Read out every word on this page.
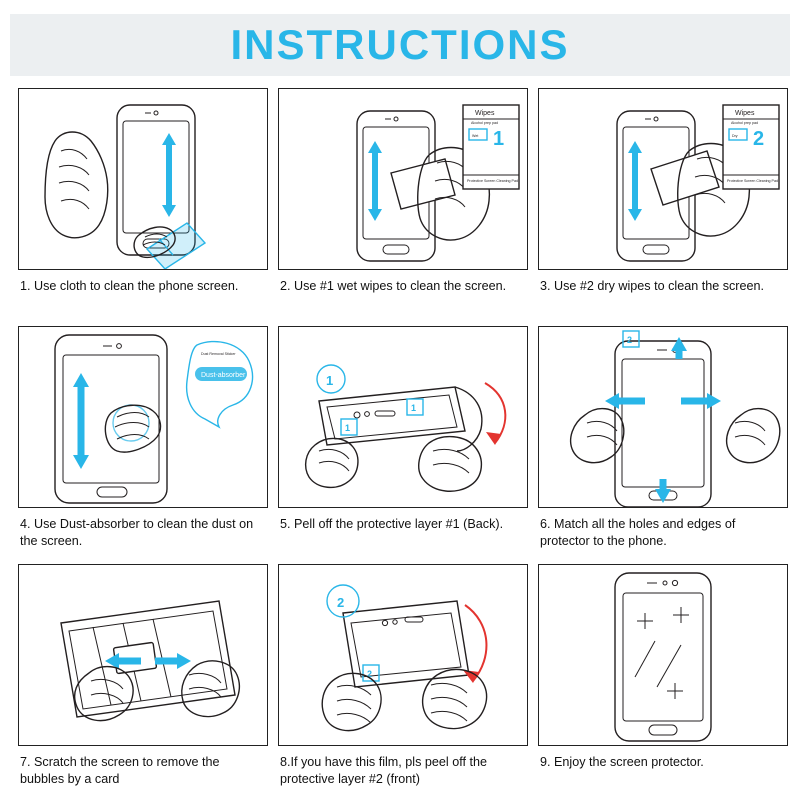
INSTRUCTIONS
1. Use cloth to clean the phone screen.
Wipes
Alcohol prep pad
Wet 1
Protective Screen Cleaning Pad
2. Use #1 wet wipes to clean the screen.
Wipes
Alcohol prep pad
Dry 2
Protective Screen Cleaning Pad
3. Use #2 dry wipes to clean the screen.
Dust Removal Sticker
Dust-absorber
4. Use Dust-absorber to clean the dust on the screen.
1
1
1
5. Pell off the protective layer #1 (Back).
2
6. Match all the holes and edges of protector to the phone.
7. Scratch the screen to remove the bubbles by a card
2
2
8.If you have this film, pls peel off the protective layer #2 (front)
9. Enjoy the screen protector.
